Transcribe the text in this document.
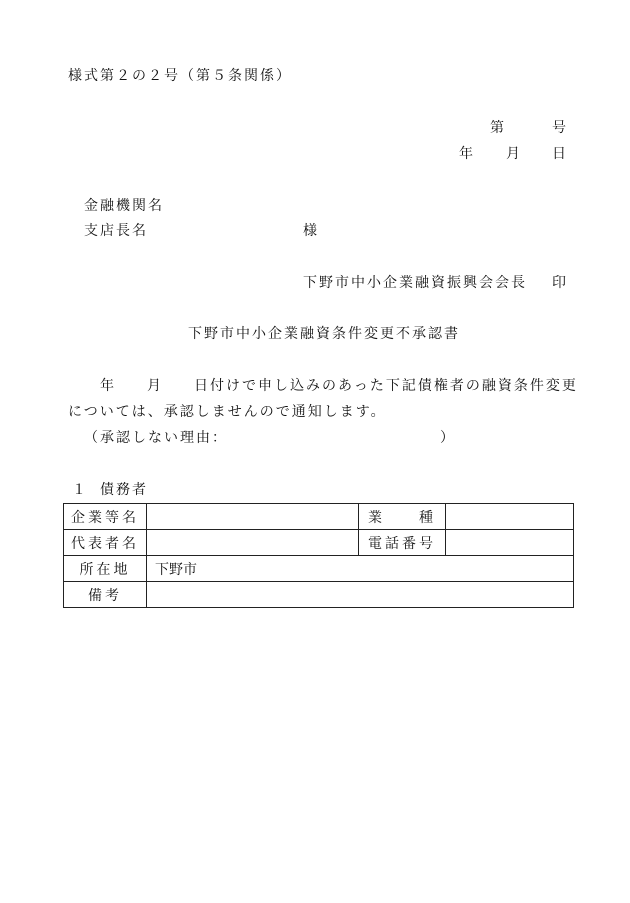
様式第２の２号（第５条関係）
第	号
年 月 日
金融機関名
支店長名	様
下野市中小企業融資振興会会長 印
下野市中小企業融資条件変更不承認書
年 月 日付けで申し込みのあった下記債権者の融資条件変更
については、承認しませんので通知します。
（承認しない理由：	）
１ 債務者
企業等名		業　　種	
代表者名		電話番号	
所在地	下野市		
備考			
